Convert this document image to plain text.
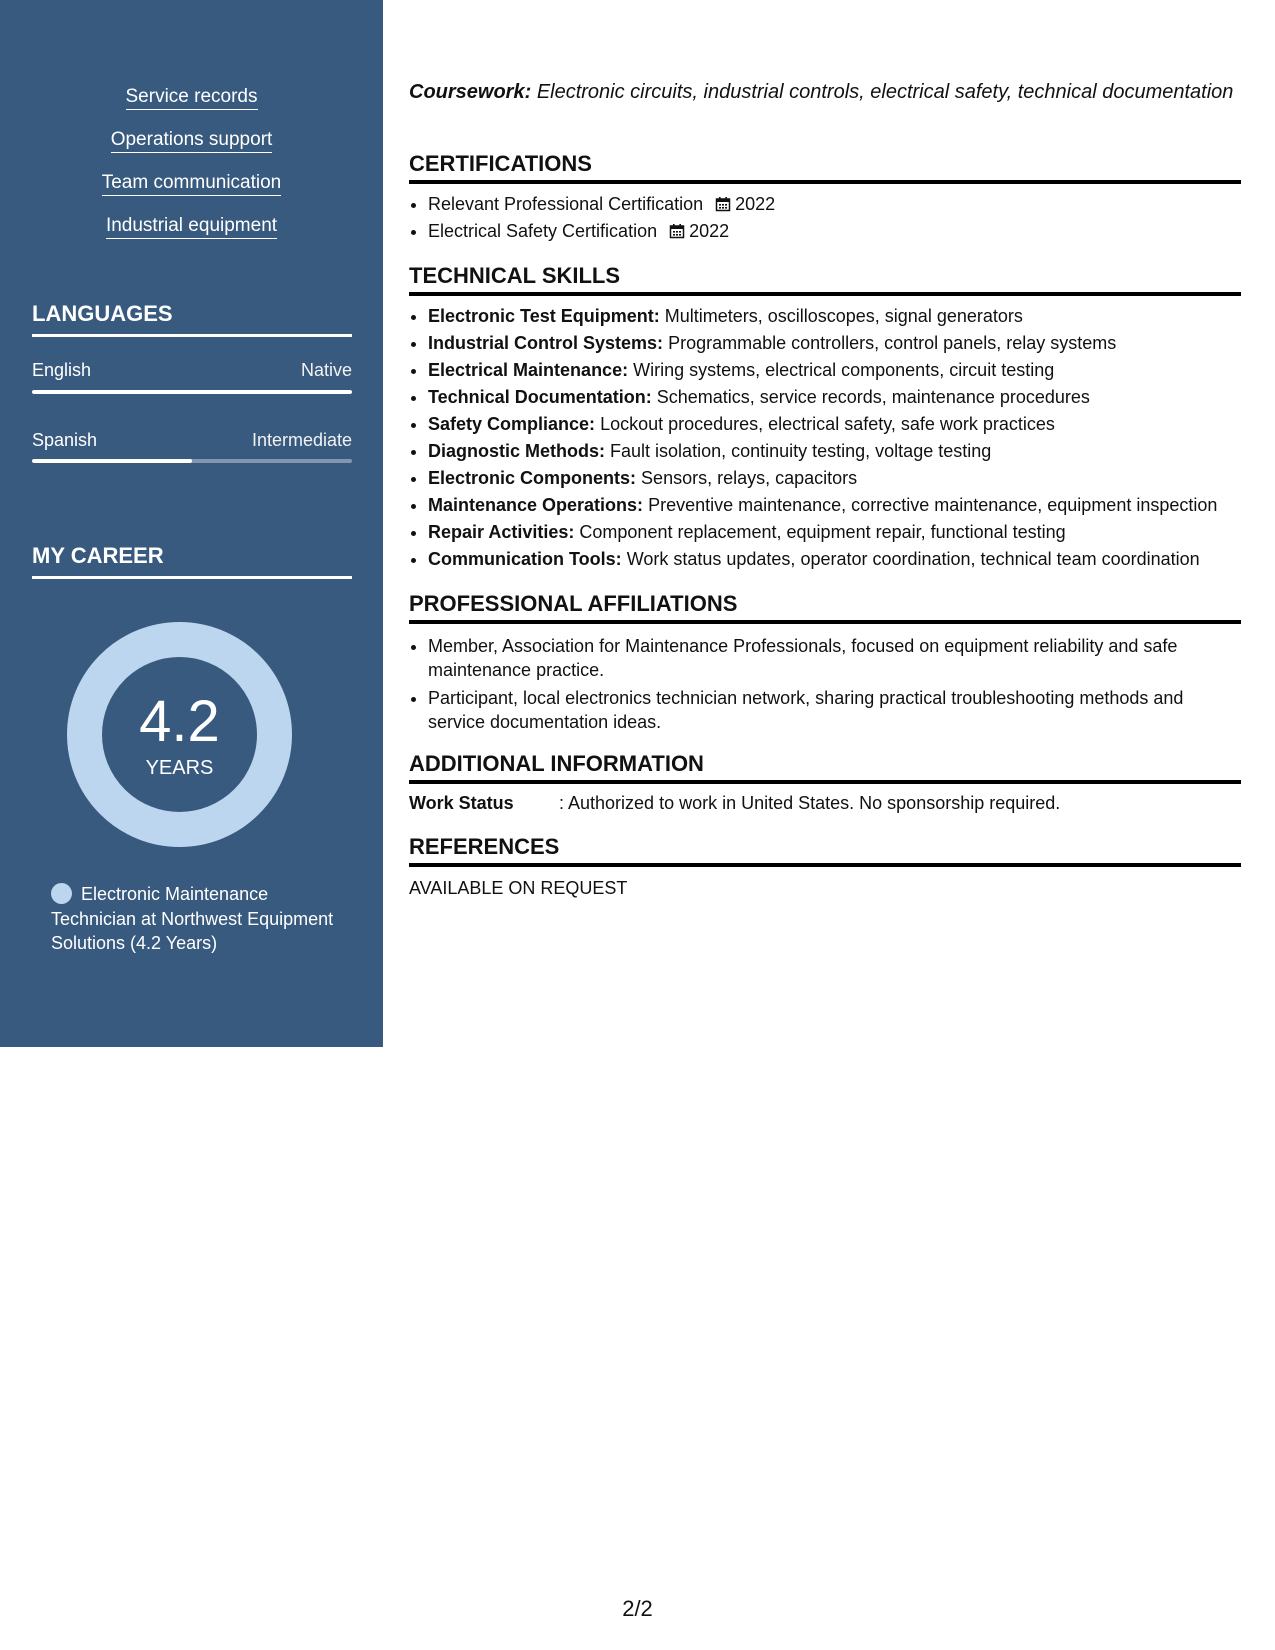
Service records
Operations support
Team communication
Industrial equipment
LANGUAGES
English	Native
Spanish	Intermediate
MY CAREER
4.2
YEARS
Electronic Maintenance Technician at Northwest Equipment Solutions (4.2 Years)
Coursework: Electronic circuits, industrial controls, electrical safety, technical documentation
CERTIFICATIONS
• Relevant Professional Certification 2022
• Electrical Safety Certification 2022
TECHNICAL SKILLS
• Electronic Test Equipment: Multimeters, oscilloscopes, signal generators
• Industrial Control Systems: Programmable controllers, control panels, relay systems
• Electrical Maintenance: Wiring systems, electrical components, circuit testing
• Technical Documentation: Schematics, service records, maintenance procedures
• Safety Compliance: Lockout procedures, electrical safety, safe work practices
• Diagnostic Methods: Fault isolation, continuity testing, voltage testing
• Electronic Components: Sensors, relays, capacitors
• Maintenance Operations: Preventive maintenance, corrective maintenance, equipment inspection
• Repair Activities: Component replacement, equipment repair, functional testing
• Communication Tools: Work status updates, operator coordination, technical team coordination
PROFESSIONAL AFFILIATIONS
• Member, Association for Maintenance Professionals, focused on equipment reliability and safe maintenance practice.
• Participant, local electronics technician network, sharing practical troubleshooting methods and service documentation ideas.
ADDITIONAL INFORMATION
Work Status	: Authorized to work in United States. No sponsorship required.
REFERENCES
AVAILABLE ON REQUEST
2/2
